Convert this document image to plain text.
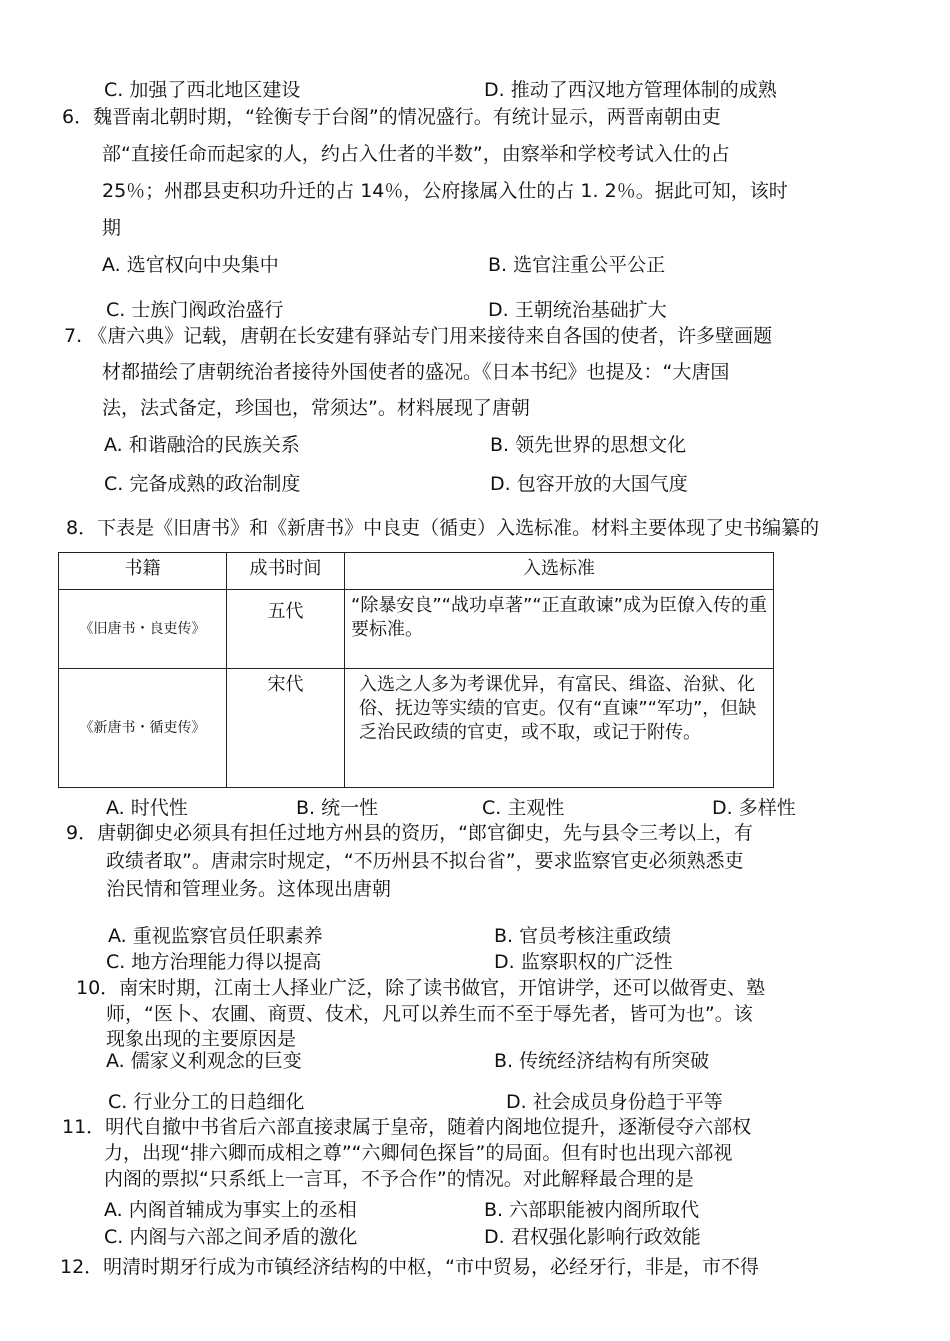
C. 加强了西北地区建设	D. 推动了西汉地方管理体制的成熟
6．魏晋南北朝时期，“铨衡专于台阁”的情况盛行。有统计显示，两晋南朝由吏
部“直接任命而起家的人，约占入仕者的半数”，由察举和学校考试入仕的占
25％；州郡县吏积功升迁的占 14％，公府掾属入仕的占 1. 2％。据此可知，该时
期
A. 选官权向中央集中	B. 选官注重公平公正
C. 士族门阀政治盛行	D. 王朝统治基础扩大
7. 《唐六典》记载，唐朝在长安建有驿站专门用来接待来自各国的使者，许多壁画题
材都描绘了唐朝统治者接待外国使者的盛况。《日本书纪》也提及：“大唐国
法，法式备定，珍国也，常须达”。材料展现了唐朝
A. 和谐融洽的民族关系	B. 领先世界的思想文化
C. 完备成熟的政治制度	D. 包容开放的大国气度
8．下表是《旧唐书》和《新唐书》中良吏（循吏）入选标准。材料主要体现了史书编纂的
书籍	成书时间	入选标准
《旧唐书・良吏传》	五代	“除暴安良”“战功卓著”“正直敢谏”成为臣僚入传的重要标准。
《新唐书・循吏传》	宋代	入选之人多为考课优异，有富民、缉盗、治狱、化俗、抚边等实绩的官吏。仅有“直谏”“军功”，但缺乏治民政绩的官吏，或不取，或记于附传。
A. 时代性	B. 统一性	C. 主观性	D. 多样性
9．唐朝御史必须具有担任过地方州县的资历，“郎官御史，先与县令三考以上，有
政绩者取”。唐肃宗时规定，“不历州县不拟台省”，要求监察官吏必须熟悉吏
治民情和管理业务。这体现出唐朝
A. 重视监察官员任职素养	B. 官员考核注重政绩
C. 地方治理能力得以提高	D. 监察职权的广泛性
10．南宋时期，江南士人择业广泛，除了读书做官，开馆讲学，还可以做胥吏、塾
师，“医卜、农圃、商贾、伎术，凡可以养生而不至于辱先者，皆可为也”。该
现象出现的主要原因是
A. 儒家义利观念的巨变	B. 传统经济结构有所突破
C. 行业分工的日趋细化	D. 社会成员身份趋于平等
11．明代自撤中书省后六部直接隶属于皇帝，随着内阁地位提升，逐渐侵夺六部权
力，出现“排六卿而成相之尊”“六卿伺色探旨”的局面。但有时也出现六部视
内阁的票拟“只系纸上一言耳，不予合作”的情况。对此解释最合理的是
A. 内阁首辅成为事实上的丞相	B. 六部职能被内阁所取代
C. 内阁与六部之间矛盾的激化	D. 君权强化影响行政效能
12．明清时期牙行成为市镇经济结构的中枢，“市中贸易，必经牙行，非是，市不得
